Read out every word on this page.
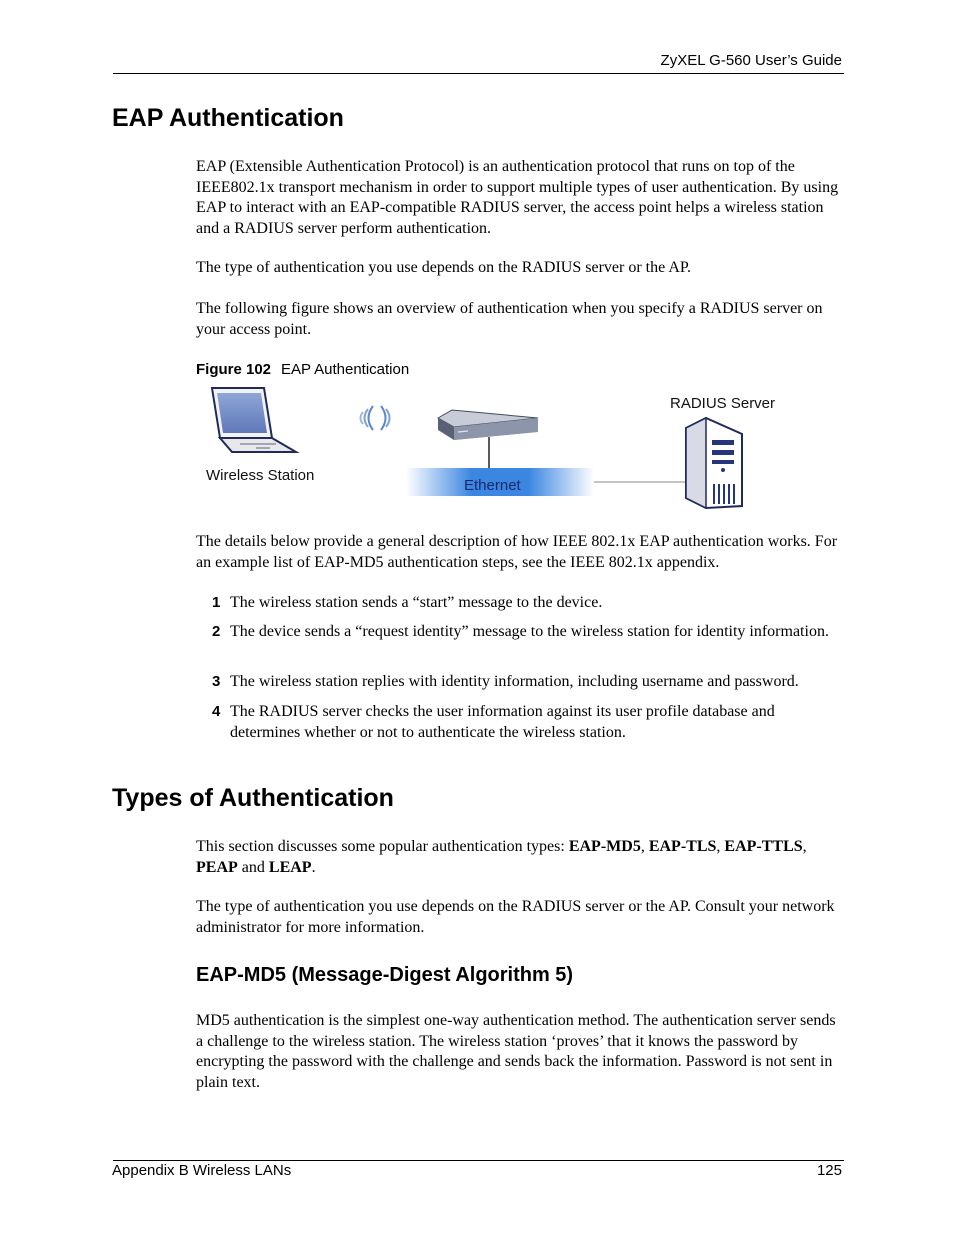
ZyXEL G-560 User’s Guide
EAP Authentication

EAP (Extensible Authentication Protocol) is an authentication protocol that runs on top of the IEEE802.1x transport mechanism in order to support multiple types of user authentication. By using EAP to interact with an EAP-compatible RADIUS server, the access point helps a wireless station and a RADIUS server perform authentication.

The type of authentication you use depends on the RADIUS server or the AP.

The following figure shows an overview of authentication when you specify a RADIUS server on your access point.

Figure 102 EAP Authentication
Wireless Station
Ethernet
RADIUS Server

The details below provide a general description of how IEEE 802.1x EAP authentication works. For an example list of EAP-MD5 authentication steps, see the IEEE 802.1x appendix.

1 The wireless station sends a “start” message to the device.
2 The device sends a “request identity” message to the wireless station for identity information.
3 The wireless station replies with identity information, including username and password.
4 The RADIUS server checks the user information against its user profile database and determines whether or not to authenticate the wireless station.
Types of Authentication

This section discusses some popular authentication types: EAP-MD5, EAP-TLS, EAP-TTLS, PEAP and LEAP.

The type of authentication you use depends on the RADIUS server or the AP. Consult your network administrator for more information.

EAP-MD5 (Message-Digest Algorithm 5)

MD5 authentication is the simplest one-way authentication method. The authentication server sends a challenge to the wireless station. The wireless station ‘proves’ that it knows the password by encrypting the password with the challenge and sends back the information. Password is not sent in plain text.

Appendix B Wireless LANs	125
